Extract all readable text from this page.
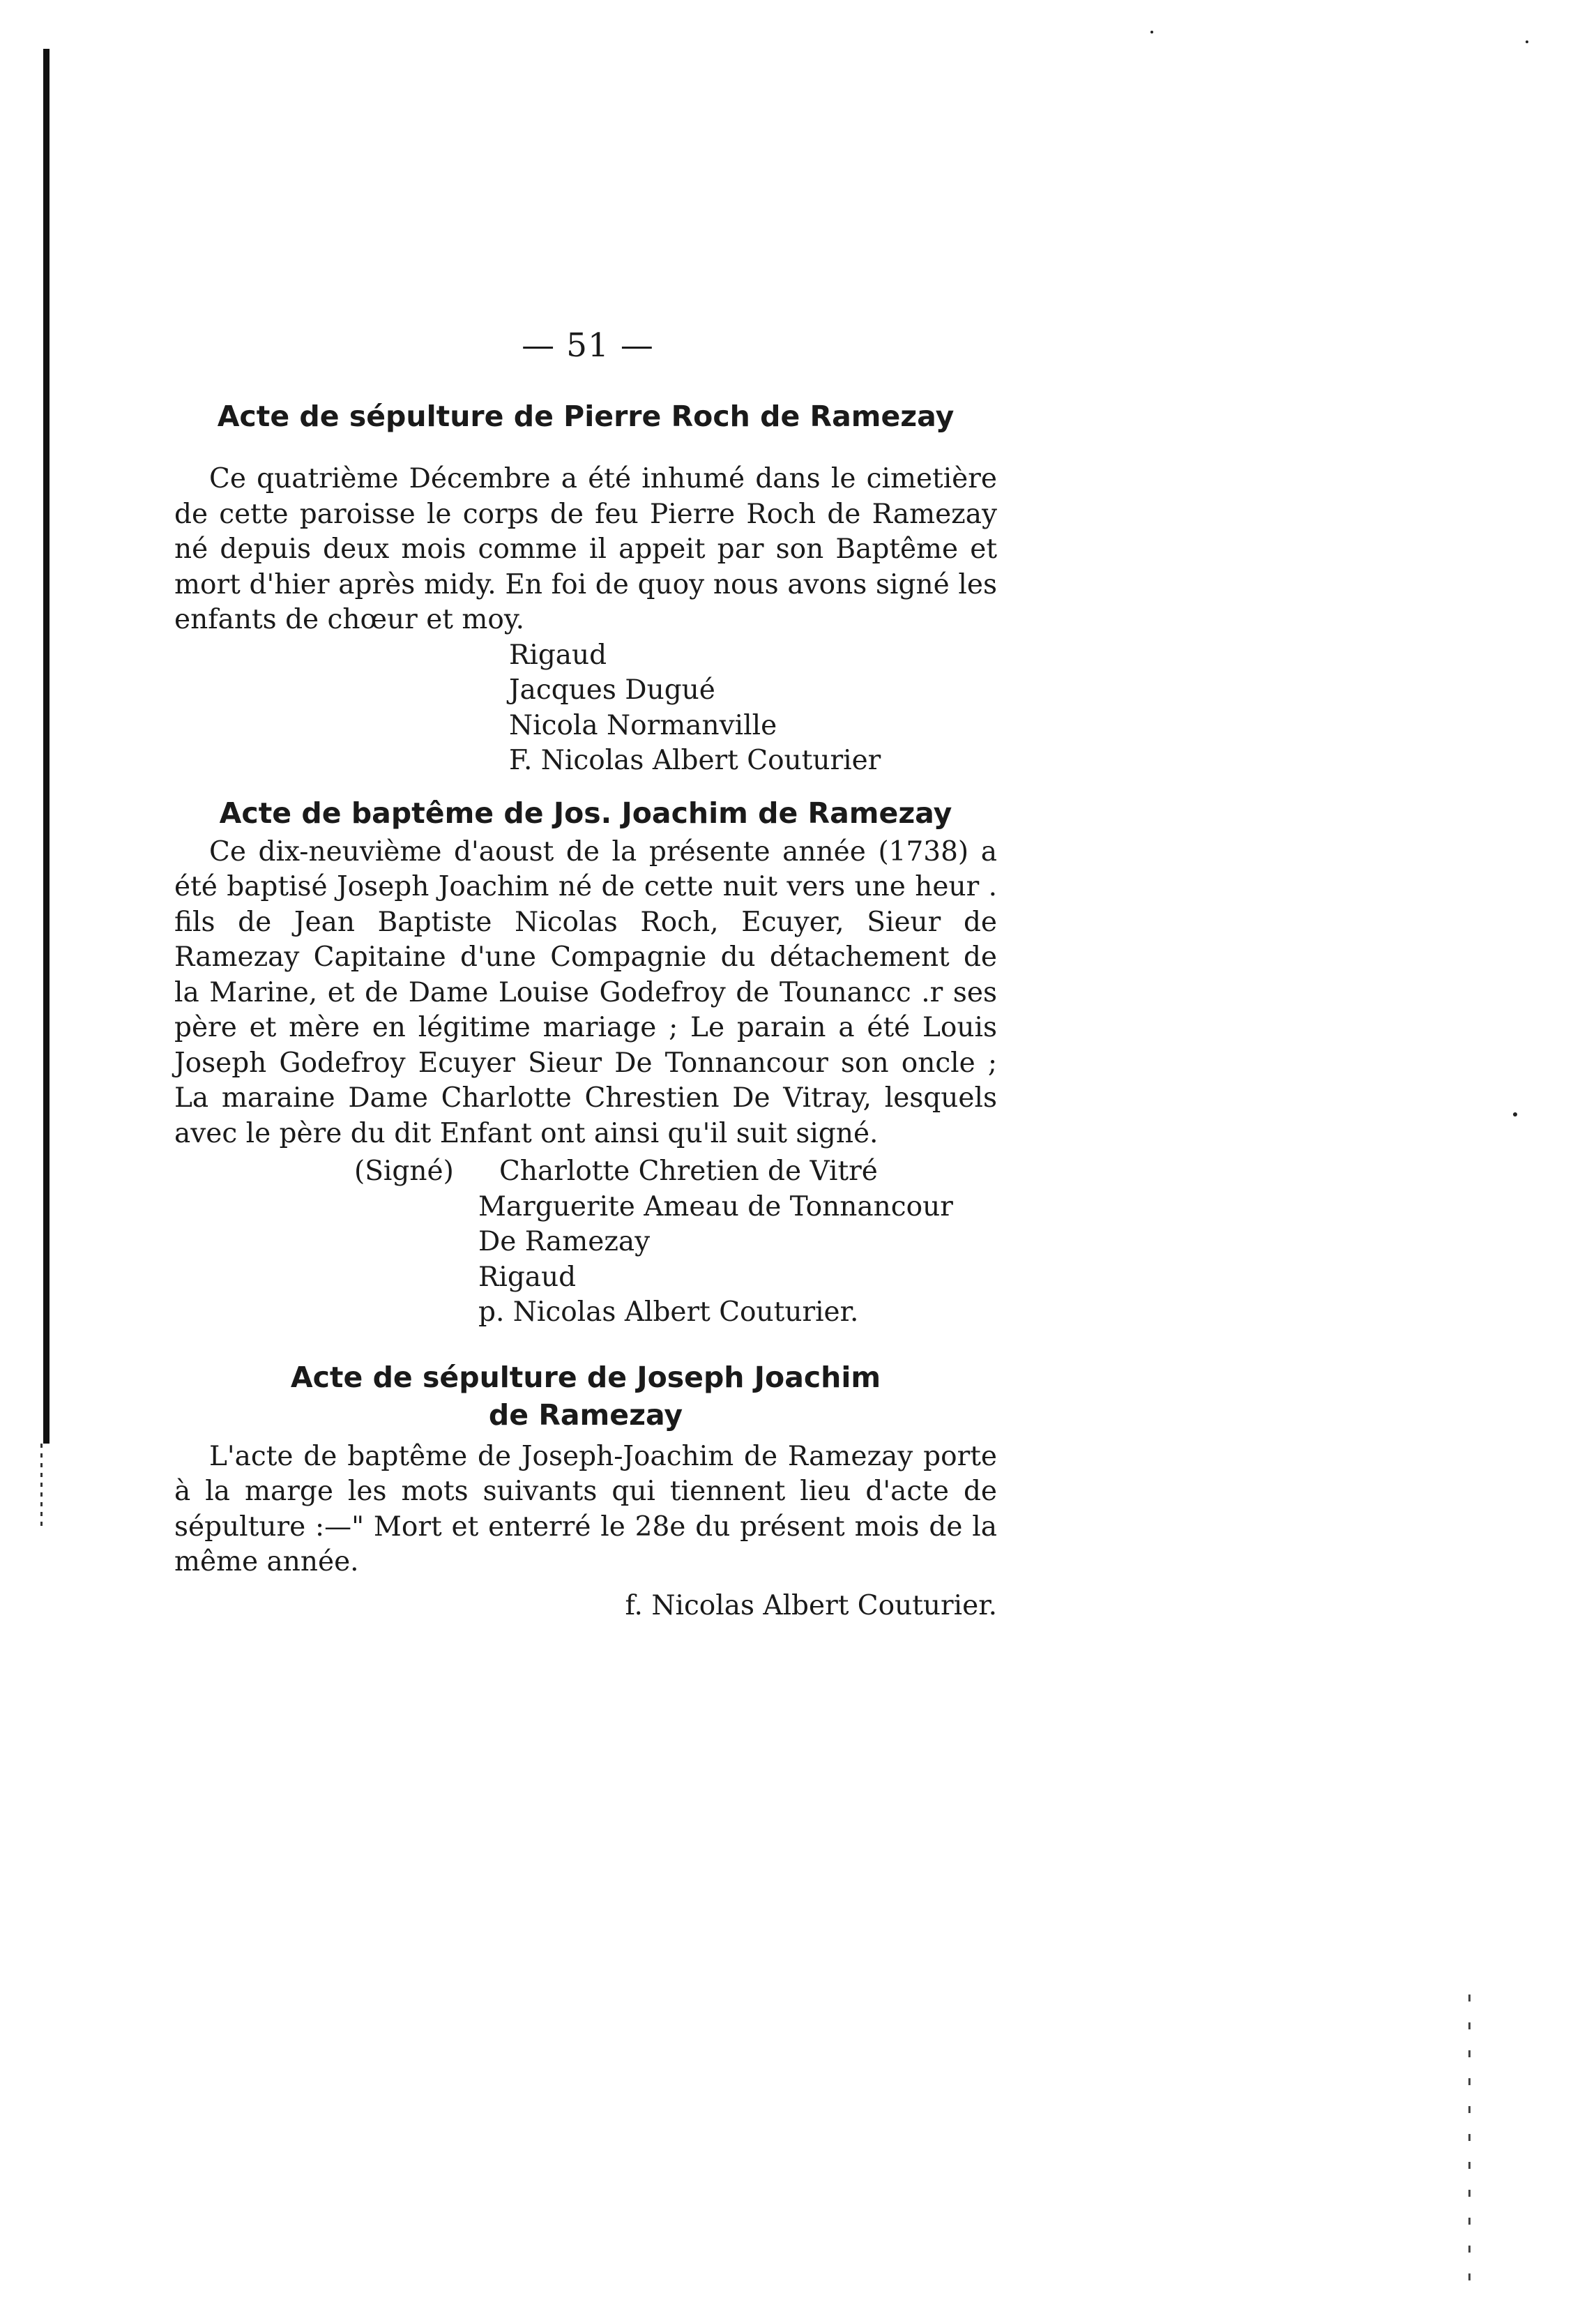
— 51 —
Acte de sépulture de Pierre Roch de Ramezay

Ce quatrième Décembre a été inhumé dans le cimetière de cette paroisse le corps de feu Pierre Roch de Ramezay né depuis deux mois comme il appeit par son Baptême et mort d'hier après midy. En foi de quoy nous avons signé les enfants de chœur et moy.

Rigaud
Jacques Dugué
Nicola Normanville
F. Nicolas Albert Couturier
Acte de baptême de Jos. Joachim de Ramezay

Ce dix-neuvième d'aoust de la présente année (1738) a été baptisé Joseph Joachim né de cette nuit vers une heur . fils de Jean Baptiste Nicolas Roch, Ecuyer, Sieur de Ramezay Capitaine d'une Compagnie du détachement de la Marine, et de Dame Louise Godefroy de Tounancc .r ses père et mère en légitime mariage ; Le parain a été Louis Joseph Godefroy Ecuyer Sieur De Tonnancour son oncle ; La maraine Dame Charlotte Chrestien De Vitray, lesquels avec le père du dit Enfant ont ainsi qu'il suit signé.

(Signé) Charlotte Chretien de Vitré
Marguerite Ameau de Tonnancour
De Ramezay
Rigaud
p. Nicolas Albert Couturier.
Acte de sépulture de Joseph Joachim de Ramezay

L'acte de baptême de Joseph-Joachim de Ramezay porte à la marge les mots suivants qui tiennent lieu d'acte de sépulture :—" Mort et enterré le 28e du présent mois de la même année.

f. Nicolas Albert Couturier.
